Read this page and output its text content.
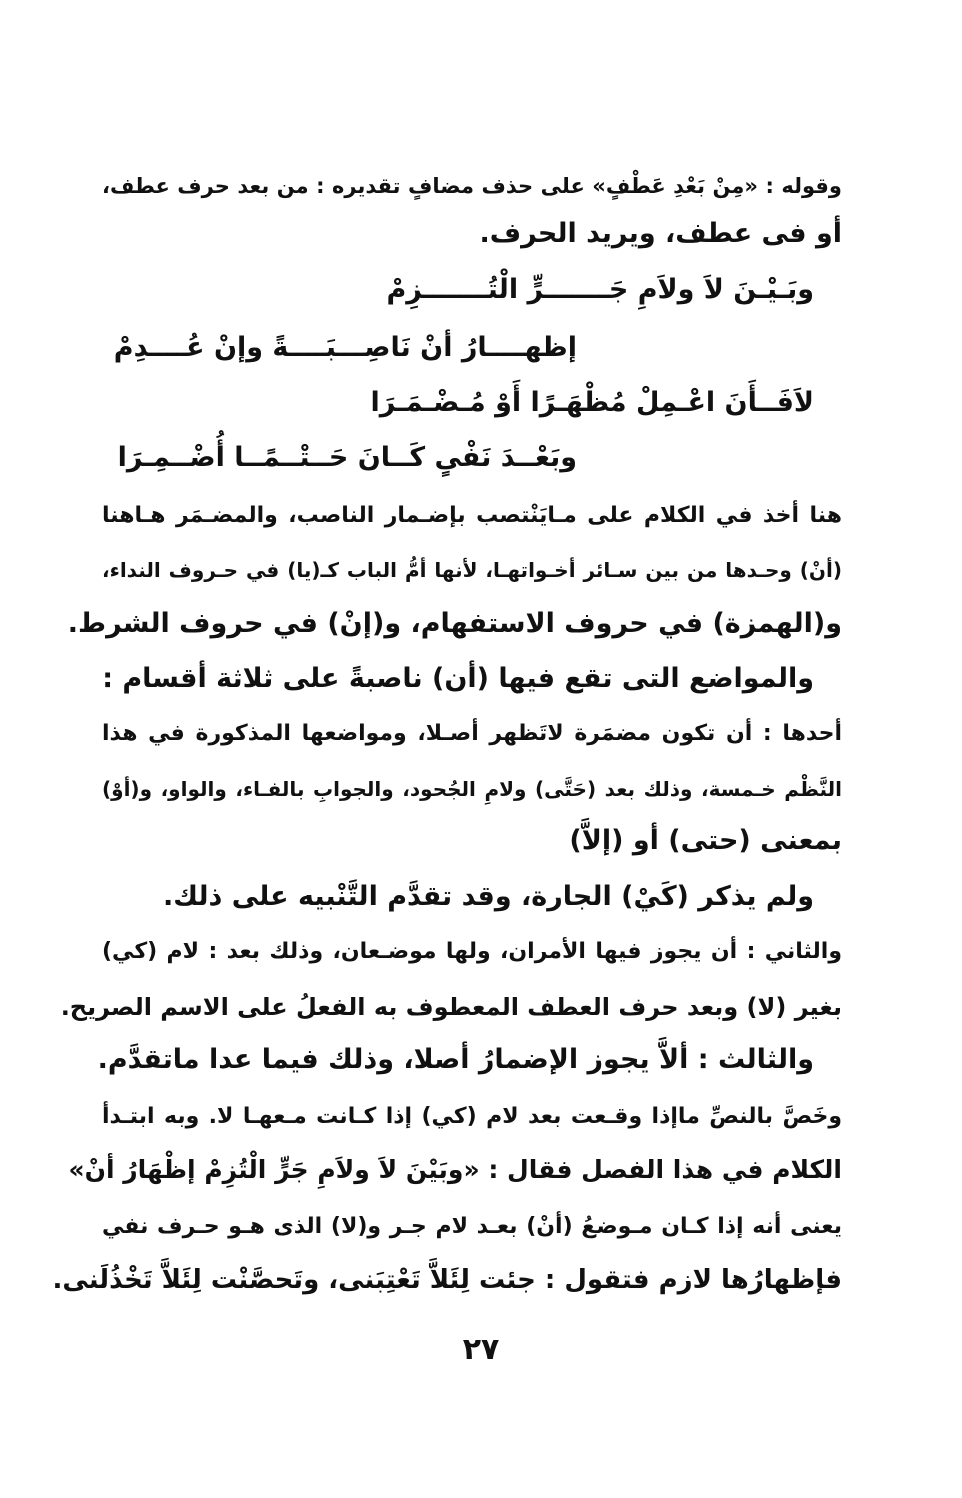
وقوله : «مِنْ بَعْدِ عَطْفٍ» على حذف مضافٍ تقديره : من بعد حرف عطف،
أو فى عطف، ويريد الحرف.
وبَـيْـنَ لاَ ولاَمِ جَـــــــرٍّ الْتُـــــــزِمْ
إظهــــارُ أنْ نَاصِـــبَــــةً وإنْ عُــــدِمْ
لاَفَــأَنَ اعْـمِلْ مُظْهَـرًا أَوْ مُـضْـمَـرَا
وبَعْــدَ نَفْىٍ كَــانَ حَــتْــمًــا أُضْــمِـرَا
هنا أخذ في الكلام على مـايَنْتصب بإضـمار الناصب، والمضـمَر هـاهنا
(أنْ) وحـدها من بين سـائر أخـواتهـا، لأنها أمُّ الباب كـ(يا) في حـروف النداء،
و(الهمزة) في حروف الاستفهام، و(إنْ) في حروف الشرط.
والمواضع التى تقع فيها (أن) ناصبةً على ثلاثة أقسام :
أحدها : أن تكون مضمَرة لاتَظهر أصـلا، ومواضعها المذكورة في هذا
النَّظْم خـمسة، وذلك بعد (حَتَّى) ولامِ الجُحود، والجوابِ بالفـاء، والواو، و(أوْ)
بمعنى (حتى) أو (إلاَّ)
ولم يذكر (كَيْ) الجارة، وقد تقدَّم التَّنْبيه على ذلك.
والثاني : أن يجوز فيها الأمران، ولها موضـعان، وذلك بعد : لام (كي)
بغير (لا) وبعد حرف العطف المعطوف به الفعلُ على الاسم الصريح.
والثالث : ألاَّ يجوز الإضمارُ أصلا، وذلك فيما عدا ماتقدَّم.
وخَصَّ بالنصِّ ماإذا وقـعت بعد لام (كي) إذا كـانت مـعهـا لا. وبه ابتـدأ
الكلام في هذا الفصل فقال : «وبَيْنَ لاَ ولاَمِ جَرٍّ الْتُزِمْ إظْهَارُ أنْ»
يعنى أنه إذا كـان مـوضعُ (أنْ) بعـد لام جـر و(لا) الذى هـو حـرف نفي
فإظهارُها لازم فتقول : جئت لِئَلاَّ تَعْتِبَنى، وتَحصَّنْت لِئَلاَّ تَخْذُلَنى.
٢٧
